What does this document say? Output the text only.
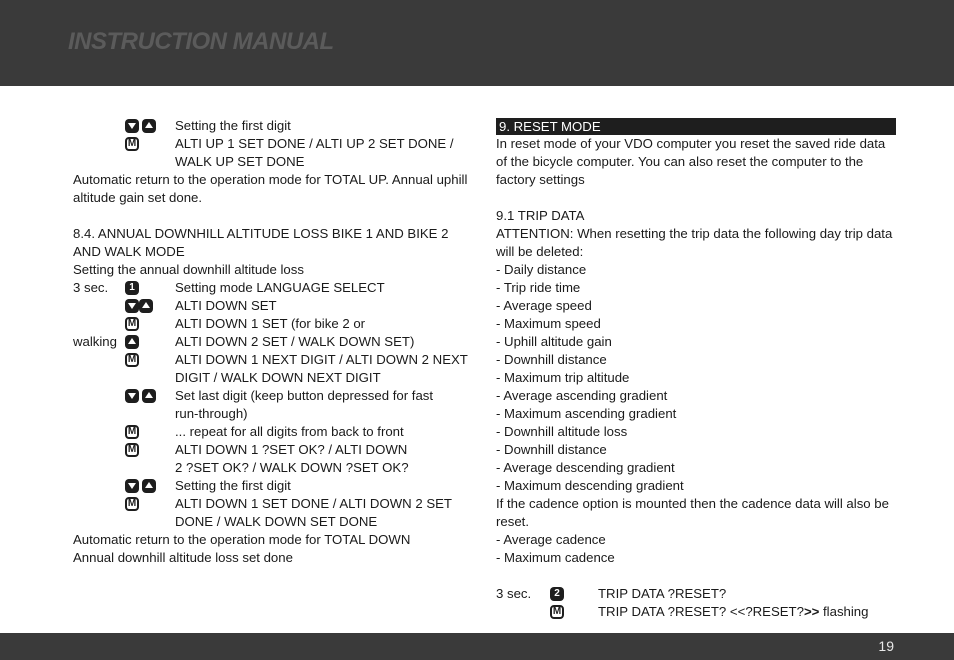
INSTRUCTION MANUAL
Setting the first digit
M	ALTI UP 1 SET DONE / ALTI UP 2 SET DONE / WALK UP SET DONE
Automatic return to the operation mode for TOTAL UP. Annual uphill altitude gain set done.
8.4. ANNUAL DOWNHILL ALTITUDE LOSS BIKE 1 AND BIKE 2 AND WALK MODE
Setting the annual downhill altitude loss
3 sec.	1	Setting mode LANGUAGE SELECT
ALTI DOWN SET
M	ALTI DOWN 1 SET (for bike 2 or
walking	ALTI DOWN 2 SET / WALK DOWN SET)
M	ALTI DOWN 1 NEXT DIGIT / ALTI DOWN 2 NEXT DIGIT / WALK DOWN NEXT DIGIT
Set last digit (keep button depressed for fast run-through)
M	... repeat for all digits from back to front
M	ALTI DOWN 1 ?SET OK? / ALTI DOWN 2 ?SET OK? / WALK DOWN ?SET OK?
Setting the first digit
M	ALTI DOWN 1 SET DONE / ALTI DOWN 2 SET DONE / WALK DOWN SET DONE
Automatic return to the operation mode for TOTAL DOWN
Annual downhill altitude loss set done
9. RESET MODE
In reset mode of your VDO computer you reset the saved ride data of the bicycle computer. You can also reset the computer to the factory settings
9.1 TRIP DATA
ATTENTION: When resetting the trip data the following day trip data will be deleted:
- Daily distance
- Trip ride time
- Average speed
- Maximum speed
- Uphill altitude gain
- Downhill distance
- Maximum trip altitude
- Average ascending gradient
- Maximum ascending gradient
- Downhill altitude loss
- Downhill distance
- Average descending gradient
- Maximum descending gradient
If the cadence option is mounted then the cadence data will also be reset.
- Average cadence
- Maximum cadence
3 sec.	2	TRIP DATA ?RESET?
M	TRIP DATA ?RESET? <<?RESET?>> flashing
19
